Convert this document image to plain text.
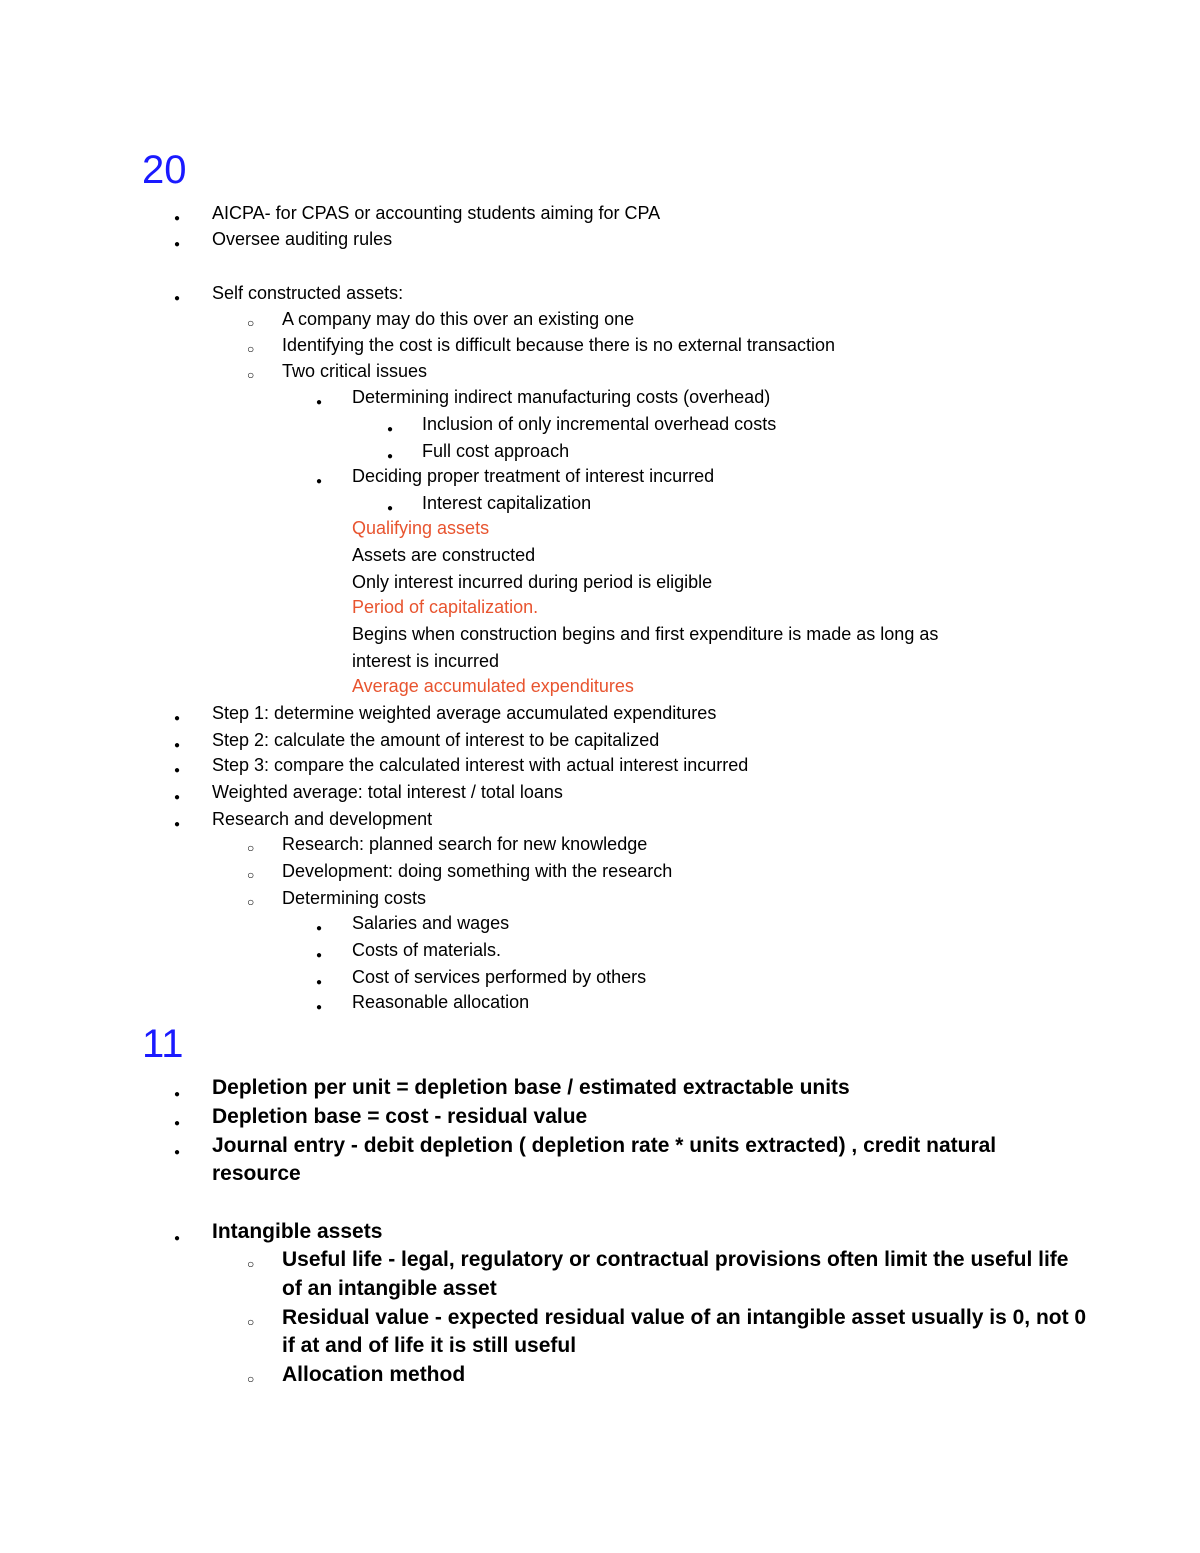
20
11
● AICPA- for CPAS or accounting students aiming for CPA
● Oversee auditing rules
● Self constructed assets:
○ A company may do this over an existing one
○ Identifying the cost is difficult because there is no external transaction
○ Two critical issues
● Determining indirect manufacturing costs (overhead)
● Inclusion of only incremental overhead costs
● Full cost approach
● Deciding proper treatment of interest incurred
● Interest capitalization
Qualifying assets
Assets are constructed
Only interest incurred during period is eligible
Period of capitalization.
Begins when construction begins and first expenditure is made as long as
interest is incurred
Average accumulated expenditures
● Step 1: determine weighted average accumulated expenditures
● Step 2: calculate the amount of interest to be capitalized
● Step 3: compare the calculated interest with actual interest incurred
● Weighted average: total interest / total loans
● Research and development
○ Research: planned search for new knowledge
○ Development: doing something with the research
○ Determining costs
● Salaries and wages
● Costs of materials.
● Cost of services performed by others
● Reasonable allocation
● Depletion per unit = depletion base / estimated extractable units
● Depletion base = cost - residual value
● Journal entry - debit depletion ( depletion rate * units extracted) , credit natural
resource
● Intangible assets
○ Useful life - legal, regulatory or contractual provisions often limit the useful life
of an intangible asset
○ Residual value - expected residual value of an intangible asset usually is 0, not 0
if at and of life it is still useful
○ Allocation method
